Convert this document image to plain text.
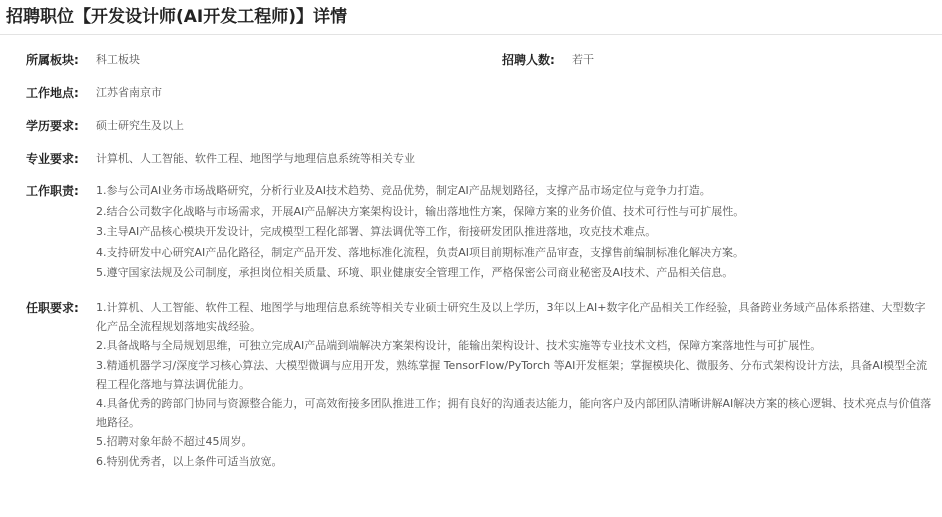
招聘职位【开发设计师(AI开发工程师)】详情
所属板块:	科工板块	招聘人数:	若干
工作地点:	江苏省南京市
学历要求:	硕士研究生及以上
专业要求:	计算机、人工智能、软件工程、地图学与地理信息系统等相关专业
工作职责:	1.参与公司AI业务市场战略研究，分析行业及AI技术趋势、竞品优势，制定AI产品规划路径，支撑产品市场定位与竞争力打造。
2.结合公司数字化战略与市场需求，开展AI产品解决方案架构设计，输出落地性方案，保障方案的业务价值、技术可行性与可扩展性。
3.主导AI产品核心模块开发设计，完成模型工程化部署、算法调优等工作，衔接研发团队推进落地，攻克技术难点。
4.支持研发中心研究AI产品化路径，制定产品开发、落地标准化流程，负责AI项目前期标准产品审查，支撑售前编制标准化解决方案。
5.遵守国家法规及公司制度，承担岗位相关质量、环境、职业健康安全管理工作，严格保密公司商业秘密及AI技术、产品相关信息。
任职要求:	1.计算机、人工智能、软件工程、地图学与地理信息系统等相关专业硕士研究生及以上学历，3年以上AI+数字化产品相关工作经验，具备跨业务域产品体系搭建、大型数字化产品全流程规划落地实战经验。
2.具备战略与全局规划思维，可独立完成AI产品端到端解决方案架构设计，能输出架构设计、技术实施等专业技术文档，保障方案落地性与可扩展性。
3.精通机器学习/深度学习核心算法、大模型微调与应用开发，熟练掌握 TensorFlow/PyTorch 等AI开发框架；掌握模块化、微服务、分布式架构设计方法，具备AI模型全流程工程化落地与算法调优能力。
4.具备优秀的跨部门协同与资源整合能力，可高效衔接多团队推进工作；拥有良好的沟通表达能力，能向客户及内部团队清晰讲解AI解决方案的核心逻辑、技术亮点与价值落地路径。
5.招聘对象年龄不超过45周岁。
6.特别优秀者，以上条件可适当放宽。
